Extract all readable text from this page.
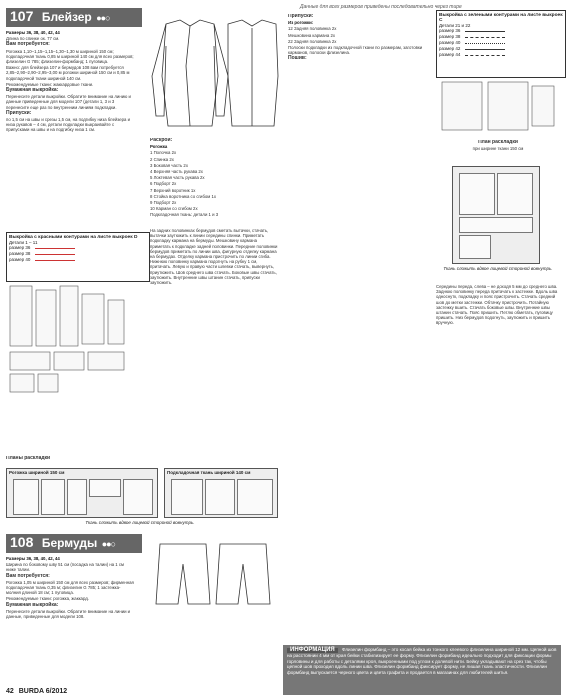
Данные для всех размеров приведены последовательно через тире
107 Блейзер ●●○

Размеры 36, 38, 40, 42, 44

Длина по спинке ок. 77 см.

Вам потребуется:

Рогожка 1,10–1,15–1,15–1,30–1,30 м шириной 150 см; подкладочная ткань 0,85 м шириной 140 см для всех размеров; флизелин G 785; флизелин-формбанд; 1 пуговица.

Важно: для блейзера 107 и бермудов 108 вам потребуется 2,85–2,90–2,90–2,95–3,00 м рогожки шириной 150 см и 0,85 м подкладочной ткани шириной 140 см.

Рекомендуемые ткани: жаккардовые ткани.

Бумажная выкройка:

Перенесите детали выкройки. Обратите внимание на линию и данные приведенные для модели 107 (детали 1, 3 и 3 перенесите еще раз по внутренним линиям подкладки.

Припуски:

по 1,5 см на швы и срезы 1,5 см, на подгибку низа блейзера и низа рукавов – 4 см, детали подкладки выкраивайте с припусками на швы и на подгибку низа 1 см.

Раскрой:

Рогожка

1 Полочка 2x

2 Спинка 2x

3 Боковая часть 2x

4 Верхняя часть рукава 2x

5 Локтевая часть рукава 2x

6 Подборт 2x

7 Верхний воротник 1x

8 Стойка воротника со сгибом 1x

9 Подборт 2x

10 Карман со сгибом 2x

Подкладочная ткань: детали 1 и 3

Выкройка с красными контурами на листе выкроек D
Детали 1 – 11
размер 36
размер 38
размер 40

На задних половинках бермудов сметать вытачки, стачать, вытачки заутюжить к линии середины спинки. Приметать подкладку кармана на бермуды. Мешковину кармана приметать к подкладке задней половинки. Передние половинки бермудов приметать по линии шва, фигурную отделку кармана на бермудах. Отделку кармана пристрочить по линии сгиба. Нижнюю половинку кармана подогнуть на рубку 1 см, притачать. Левую и правую части шлевки стачать, вывернуть, приутюжить. Шов среднего шва стачать. Боковые швы стачать, заутюжить. Внутренние швы штанин стачать, припуски заутюжить.

Планы раскладки

Рогожка шириной 150 см	Подкладочная ткань шириной 140 см
Ткань сложить вдвое лицевой стороной вовнутрь.
108 Бермуды ●●○

Размеры 36, 38, 40, 42, 44

Ширина по боковому шву 51 см (посадка на талии) на 1 см ниже талии.

Вам потребуется:

Рогожка 1,05 м шириной 150 см для всех размеров; фирменная подкладочная ткань 0,35 м; флизелин G 785; 1 застежка-молния длиной 18 см; 1 пуговица.

Рекомендуемые ткани: рогожка, жаккард.

Бумажная выкройка:

Перенесите детали выкройки. Обратите внимание на линии и данные, приведенные для модели 108.

Припуски:

Из рогожки:

12 Задняя половинка 2x

Мешковина кармана 2x

22 Задняя половинка 2x

Полоски подкладки из подкладочной ткани по размерам, заготовки карманов, полоски флизелина.

Пошив:

Выкройка с зелеными контурами на листе выкроек С
Детали 21 и 22
размер 36
размер 38
размер 40
размер 42
размер 44

План раскладки

при ширине ткани 150 см

Ткань сложить вдвое лицевой стороной вовнутрь.

Середины переда, слева – не доходя 5 мм до среднего шва. Заднюю половинку переда притачать к застежке. Вдоль шва односнутк, подкладку и пояс пристрочить. Стачать средний шов до метки застежки. Обтачку пристрочить. Потайную застежку вшить. Стачать боковые швы. Внутренние швы штанин стачать. Пояс пришить. Петлю обметать, пуговицу пришить. Низ бермудов подогнуть, заутюжить и пришить вручную.

ИНФОРМАЦИЯ Флизелин формбанд – это косая бейка из тонкого клеевого флизелина шириной 12 мм. Цепной шов на расстоянии 4 мм от края бейки стабилизирует ее форму. Флизелин формбанд идеально подходит для фиксации формы горловины и для работы с деталями кроя, выкроенными под углом к долевой нити. Бейку укладывают на срез так, чтобы цепной шов проходил вдоль линии шва. Флизелин формбанд фиксирует форму, не лишая ткань эластичности. Флизелин формбанд выпускается черного цвета и цвета графита и продается в магазинах для любителей шитья.
42 BURDA 6/2012
